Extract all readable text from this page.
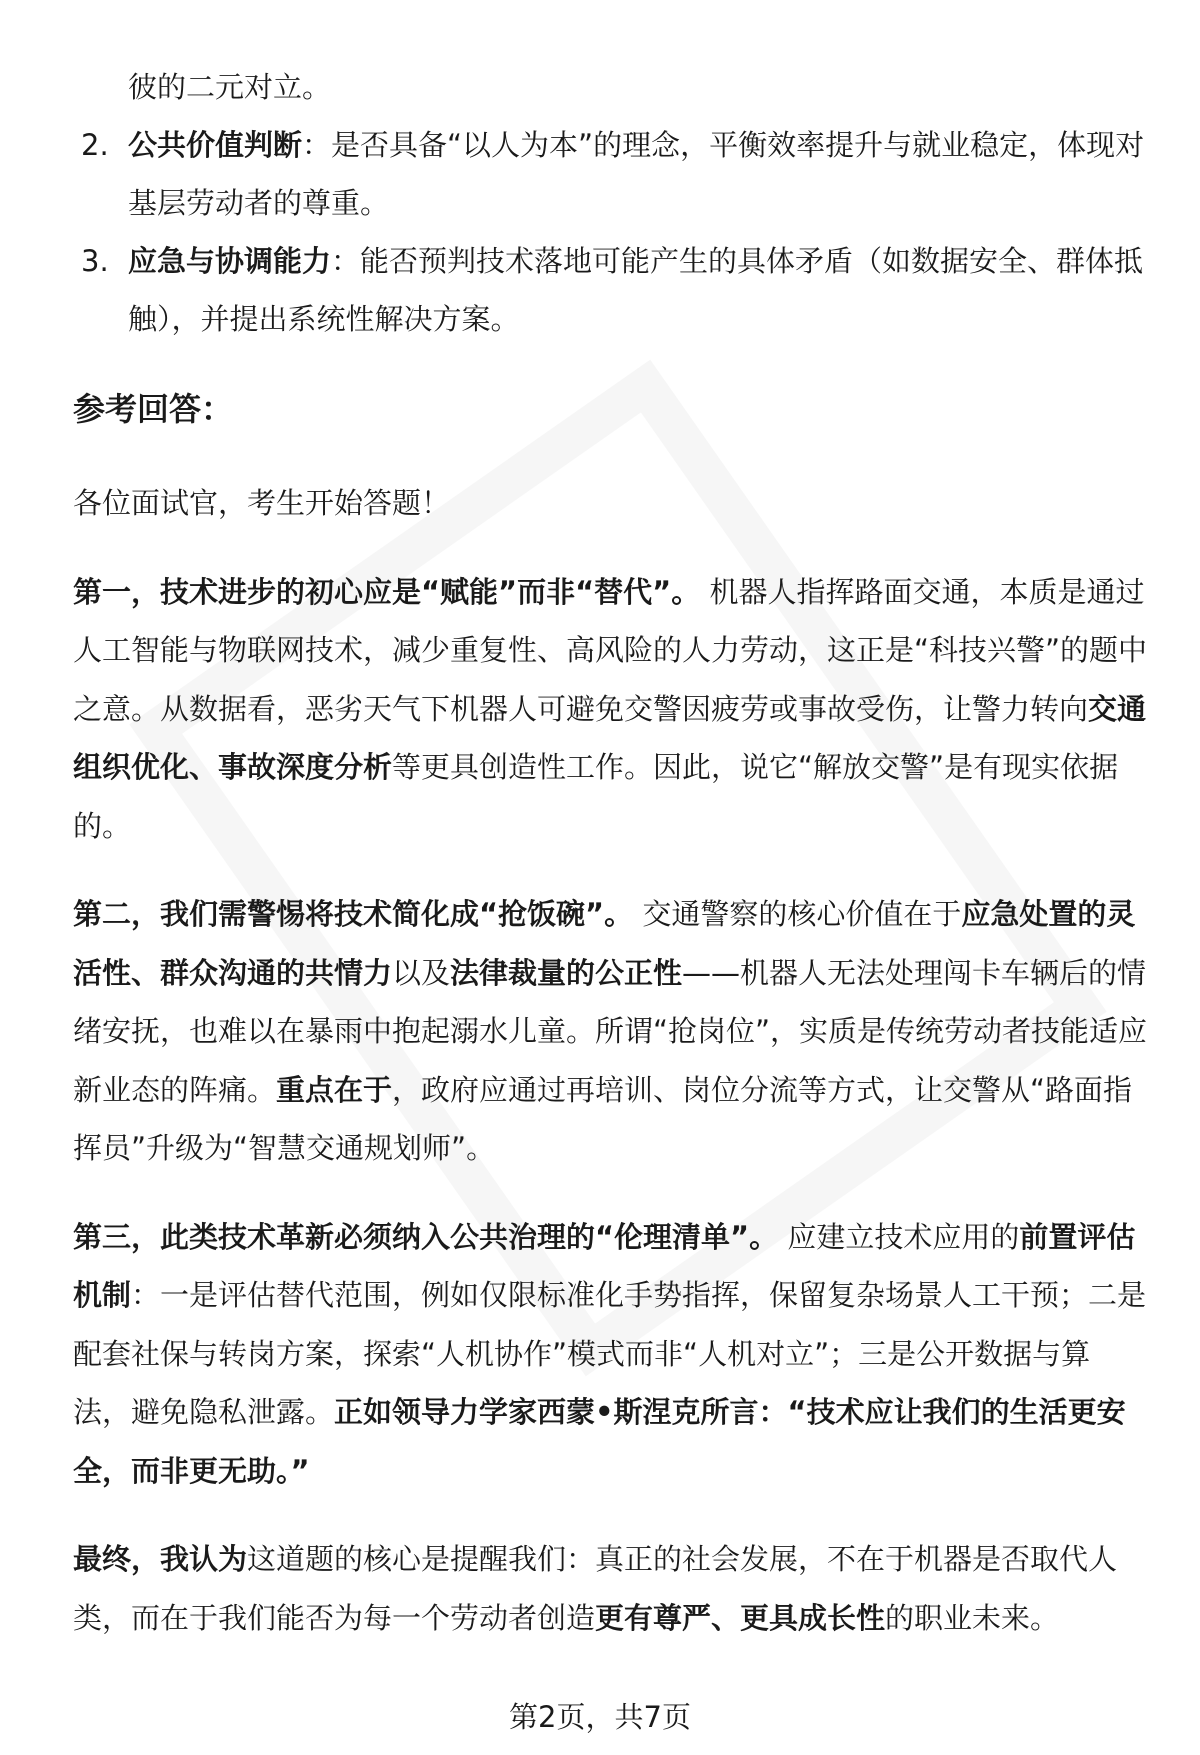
彼的二元对立。
2. 公共价值判断：是否具备“以人为本”的理念，平衡效率提升与就业稳定，体现对基层劳动者的尊重。
3. 应急与协调能力：能否预判技术落地可能产生的具体矛盾（如数据安全、群体抵触），并提出系统性解决方案。
参考回答：
各位面试官，考生开始答题！

第一，技术进步的初心应是“赋能”而非“替代”。 机器人指挥路面交通，本质是通过人工智能与物联网技术，减少重复性、高风险的人力劳动，这正是“科技兴警”的题中之意。从数据看，恶劣天气下机器人可避免交警因疲劳或事故受伤，让警力转向交通组织优化、事故深度分析等更具创造性工作。因此，说它“解放交警”是有现实依据的。

第二，我们需警惕将技术简化成“抢饭碗”。 交通警察的核心价值在于应急处置的灵活性、群众沟通的共情力以及法律裁量的公正性——机器人无法处理闯卡车辆后的情绪安抚，也难以在暴雨中抱起溺水儿童。所谓“抢岗位”，实质是传统劳动者技能适应新业态的阵痛。重点在于，政府应通过再培训、岗位分流等方式，让交警从“路面指挥员”升级为“智慧交通规划师”。

第三，此类技术革新必须纳入公共治理的“伦理清单”。 应建立技术应用的前置评估机制：一是评估替代范围，例如仅限标准化手势指挥，保留复杂场景人工干预；二是配套社保与转岗方案，探索“人机协作”模式而非“人机对立”；三是公开数据与算法，避免隐私泄露。正如领导力学家西蒙•斯涅克所言：“技术应让我们的生活更安全，而非更无助。”

最终，我认为这道题的核心是提醒我们：真正的社会发展，不在于机器是否取代人类，而在于我们能否为每一个劳动者创造更有尊严、更具成长性的职业未来。

第2页，共7页
